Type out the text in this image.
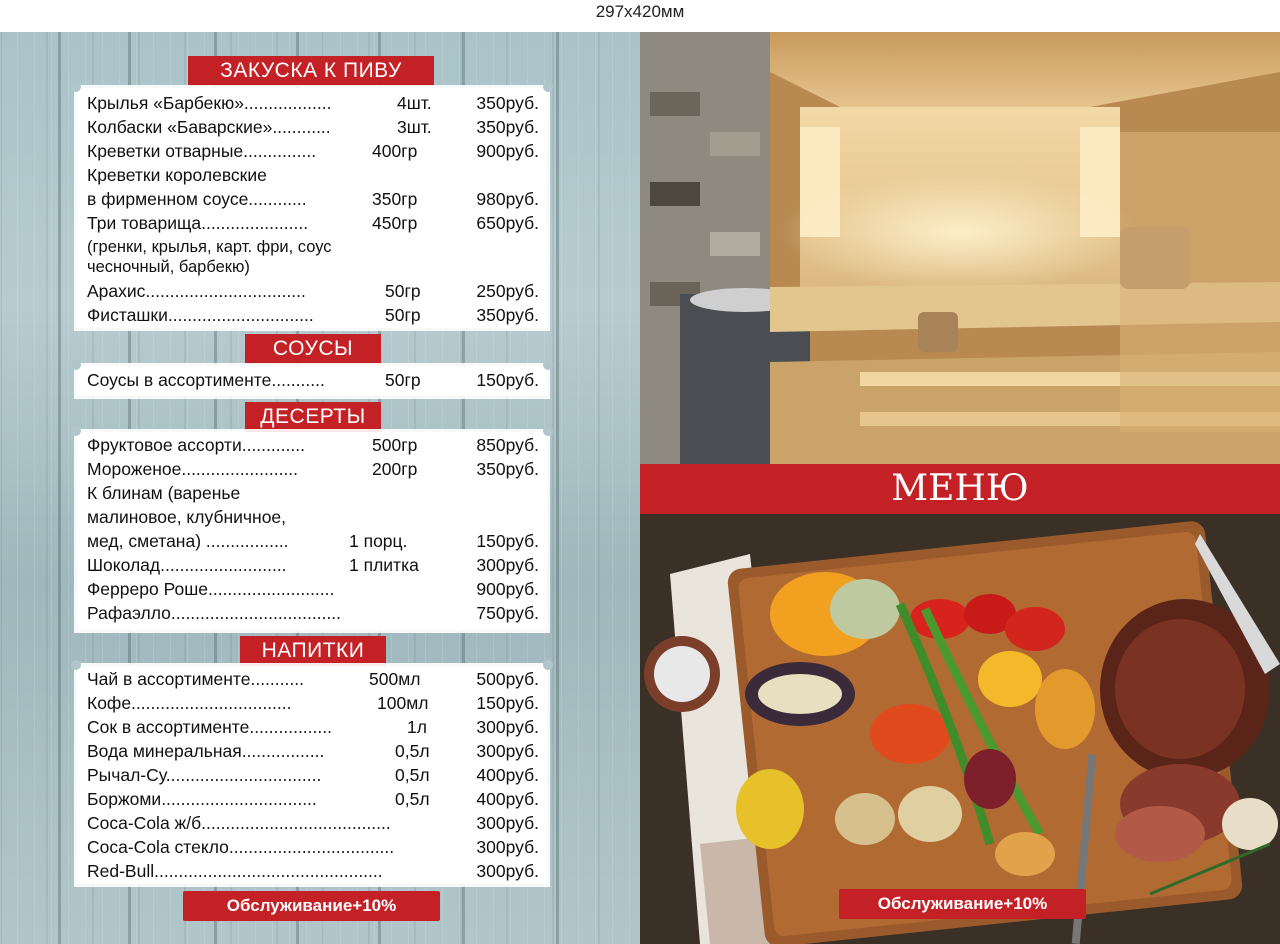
297x420мм
ЗАКУСКА К ПИВУ
Крылья «Барбекю»..................	4шт.	350руб.
Колбаски «Баварские»............	3шт.	350руб.
Креветки отварные...............	400гр	900руб.
Креветки королевские
в фирменном соусе............	350гр	980руб.
Три товарища......................	450гр	650руб.
(гренки, крылья, карт. фри, соус
чесночный, барбекю)
Арахис.................................	50гр	250руб.
Фисташки..............................	50гр	350руб.
СОУСЫ
Соусы в ассортименте...........	50гр	150руб.
ДЕСЕРТЫ
Фруктовое ассорти.............	500гр	850руб.
Мороженое........................	200гр	350руб.
К блинам (варенье
малиновое, клубничное,
мед, сметана) .................	1 порц.	150руб.
Шоколад..........................	1 плитка	300руб.
Ферреро Роше..........................	900руб.
Рафаэлло...................................	750руб.
НАПИТКИ
Чай в ассортименте...........	500мл	500руб.
Кофе.................................	100мл	150руб.
Сок в ассортименте.................	1л	300руб.
Вода минеральная.................	0,5л	300руб.
Рычал-Су................................	0,5л	400руб.
Боржоми................................	0,5л	400руб.
Coca-Cola ж/б.......................................	300руб.
Coca-Cola стекло..................................	300руб.
Red-Bull...............................................	300руб.
Обслуживание+10%
МЕНЮ
Обслуживание+10%
